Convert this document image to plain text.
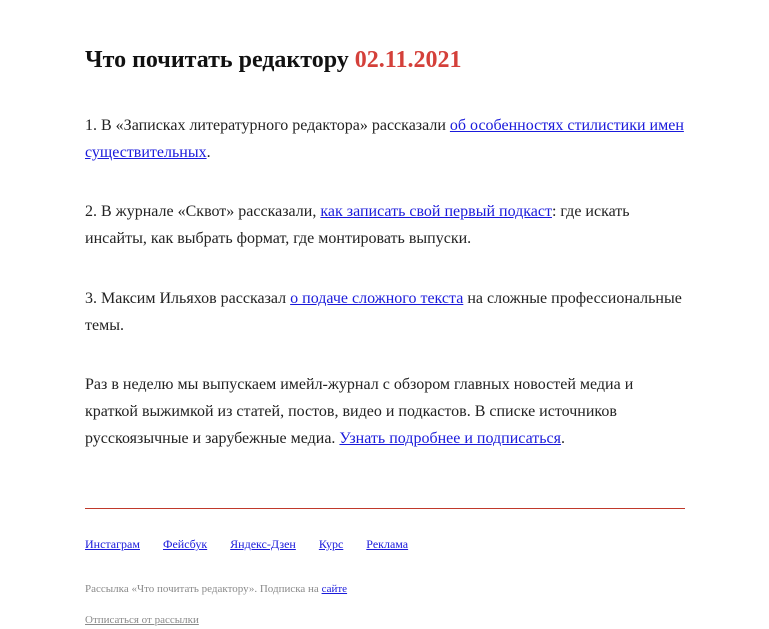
Что почитать редактору 02.11.2021

1. В «Записках литературного редактора» рассказали об особенностях стилистики имен существительных.

2. В журнале «Сквот» рассказали, как записать свой первый подкаст: где искать инсайты, как выбрать формат, где монтировать выпуски.

3. Максим Ильяхов рассказал о подаче сложного текста на сложные профессиональные темы.

Раз в неделю мы выпускаем имейл-журнал с обзором главных новостей медиа и краткой выжимкой из статей, постов, видео и подкастов. В списке источников русскоязычные и зарубежные медиа. Узнать подробнее и подписаться.

Инстаграм Фейсбук Яндекс-Дзен Курс Реклама
Рассылка «Что почитать редактору». Подписка на сайте
Отписаться от рассылки
